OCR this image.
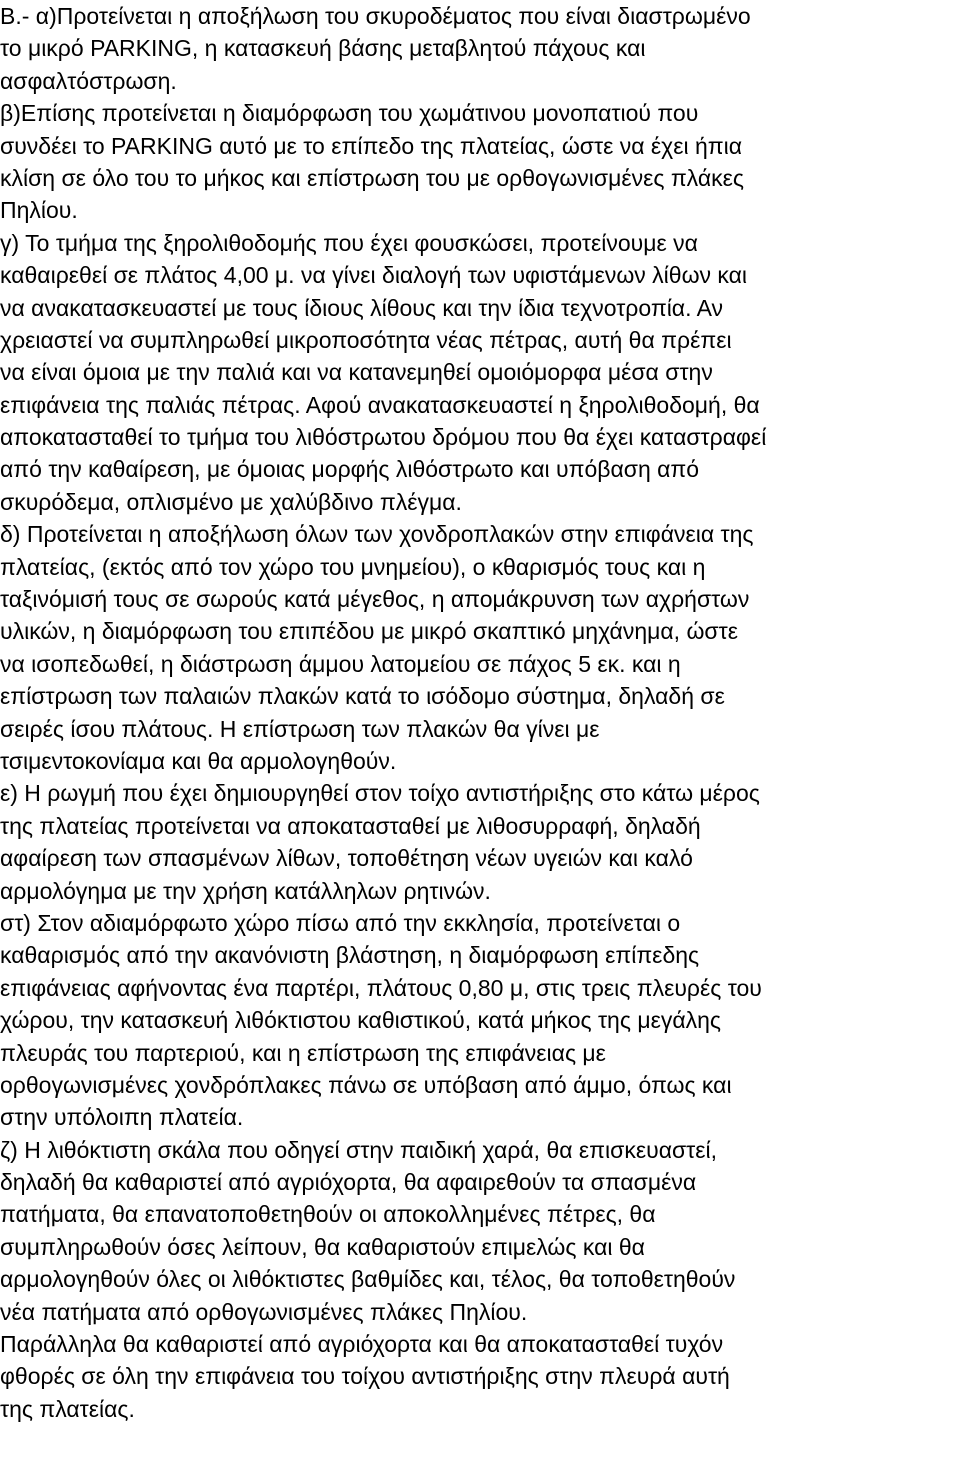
Β.- α)Προτείνεται η αποξήλωση του σκυροδέματος που είναι διαστρωμένο
το μικρό PARKING, η κατασκευή βάσης μεταβλητού πάχους και
ασφαλτόστρωση.
β)Επίσης προτείνεται η διαμόρφωση του χωμάτινου μονοπατιού που
συνδέει το PARKING αυτό με το επίπεδο της πλατείας, ώστε να έχει ήπια
κλίση σε όλο του το μήκος και επίστρωση του με ορθογωνισμένες πλάκες
Πηλίου.
γ) Το τμήμα της ξηρολιθοδομής που έχει φουσκώσει, προτείνουμε να
καθαιρεθεί σε πλάτος 4,00 μ. να γίνει διαλογή των υφιστάμενων λίθων και
να ανακατασκευαστεί με τους ίδιους λίθους και την ίδια τεχνοτροπία. Αν
χρειαστεί να συμπληρωθεί μικροποσότητα νέας πέτρας, αυτή θα πρέπει
να είναι όμοια με την παλιά και να κατανεμηθεί ομοιόμορφα μέσα στην
επιφάνεια της παλιάς πέτρας. Αφού ανακατασκευαστεί η ξηρολιθοδομή, θα
αποκατασταθεί το τμήμα του λιθόστρωτου δρόμου που θα έχει καταστραφεί
από την καθαίρεση, με όμοιας μορφής λιθόστρωτο και υπόβαση από
σκυρόδεμα, οπλισμένο με χαλύβδινο πλέγμα.
δ) Προτείνεται η αποξήλωση όλων των χονδροπλακών στην επιφάνεια της
πλατείας, (εκτός από τον χώρο του μνημείου), ο κθαρισμός τους και η
ταξινόμισή τους σε σωρούς κατά μέγεθος, η απομάκρυνση των αχρήστων
υλικών, η διαμόρφωση του επιπέδου με μικρό σκαπτικό μηχάνημα, ώστε
να ισοπεδωθεί, η διάστρωση άμμου λατομείου σε πάχος 5 εκ. και η
επίστρωση των παλαιών πλακών κατά το ισόδομο σύστημα, δηλαδή σε
σειρές ίσου πλάτους. Η επίστρωση των πλακών θα γίνει με
τσιμεντοκονίαμα και θα αρμολογηθούν.
ε) Η ρωγμή που έχει δημιουργηθεί στον τοίχο αντιστήριξης στο κάτω μέρος
της πλατείας προτείνεται να αποκατασταθεί με λιθοσυρραφή, δηλαδή
αφαίρεση των σπασμένων λίθων, τοποθέτηση νέων υγειών και καλό
αρμολόγημα με την χρήση κατάλληλων ρητινών.
στ) Στον αδιαμόρφωτο χώρο πίσω από την εκκλησία, προτείνεται ο
καθαρισμός από την ακανόνιστη βλάστηση, η διαμόρφωση επίπεδης
επιφάνειας αφήνοντας ένα παρτέρι, πλάτους 0,80 μ, στις τρεις πλευρές του
χώρου, την κατασκευή λιθόκτιστου καθιστικού, κατά μήκος της μεγάλης
πλευράς του παρτεριού, και η επίστρωση της επιφάνειας με
ορθογωνισμένες χονδρόπλακες πάνω σε υπόβαση από άμμο, όπως και
στην υπόλοιπη πλατεία.
ζ) Η λιθόκτιστη σκάλα που οδηγεί στην παιδική χαρά, θα επισκευαστεί,
δηλαδή θα καθαριστεί από αγριόχορτα, θα αφαιρεθούν τα σπασμένα
πατήματα, θα επανατοποθετηθούν οι αποκολλημένες πέτρες, θα
συμπληρωθούν όσες λείπουν, θα καθαριστούν επιμελώς και θα
αρμολογηθούν όλες οι λιθόκτιστες βαθμίδες και, τέλος, θα τοποθετηθούν
νέα πατήματα από ορθογωνισμένες πλάκες Πηλίου.
Παράλληλα θα καθαριστεί από αγριόχορτα και θα αποκατασταθεί τυχόν
φθορές σε όλη την επιφάνεια του τοίχου αντιστήριξης στην πλευρά αυτή
της πλατείας.
